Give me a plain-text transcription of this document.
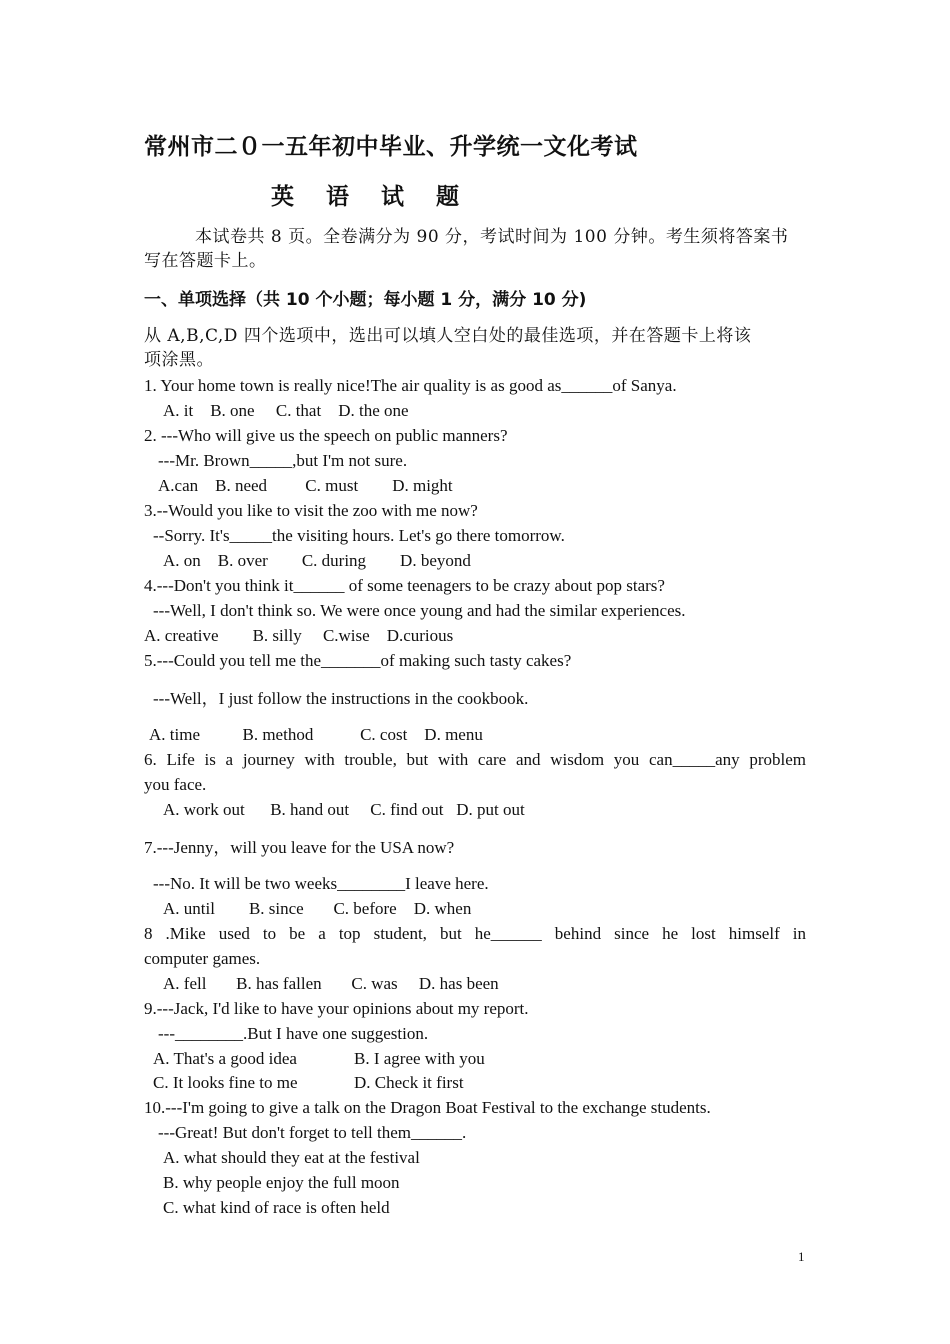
常州市二０一五年初中毕业、升学统一文化考试
英 语 试 题
本试卷共 8 页。全卷满分为 90 分，考试时间为 100 分钟。考生须将答案书
写在答题卡上。
一、单项选择（共 10 个小题；每小题 1 分，满分 10 分)
从 A,B,C,D 四个选项中，选出可以填人空白处的最佳选项，并在答题卡上将该
项涂黑。
1. Your home town is really nice!The air quality is as good as______of Sanya.
A. it    B. one     C. that    D. the one
2. ---Who will give us the speech on public manners?
---Mr. Brown_____,but I'm not sure.
A.can    B. need         C. must        D. might
3.--Would you like to visit the zoo with me now?
--Sorry. It's_____the visiting hours. Let's go there tomorrow.
A. on    B. over        C. during        D. beyond
4.---Don't you think it______ of some teenagers to be crazy about pop stars?
---Well, I don't think so. We were once young and had the similar experiences.
A. creative        B. silly     C.wise    D.curious
5.---Could you tell me the_______of making such tasty cakes?
---Well，I just follow the instructions in the cookbook.
A. time          B. method           C. cost    D. menu
6. Life is a journey with trouble, but with care and wisdom you can_____any problem
you face.
A. work out      B. hand out     C. find out   D. put out
7.---Jenny，will you leave for the USA now?
---No. It will be two weeks________I leave here.
A. until        B. since       C. before    D. when
8 .Mike used to be a top student, but he______ behind since he lost himself in
computer games.
A. fell       B. has fallen       C. was     D. has been
9.---Jack, I'd like to have your opinions about my report.
---________.But I have one suggestion.
A. That's a good idea	B. I agree with you
C. It looks fine to me	D. Check it first
10.---I'm going to give a talk on the Dragon Boat Festival to the exchange students.
---Great! But don't forget to tell them______.
A. what should they eat at the festival
B. why people enjoy the full moon
C. what kind of race is often held
1
